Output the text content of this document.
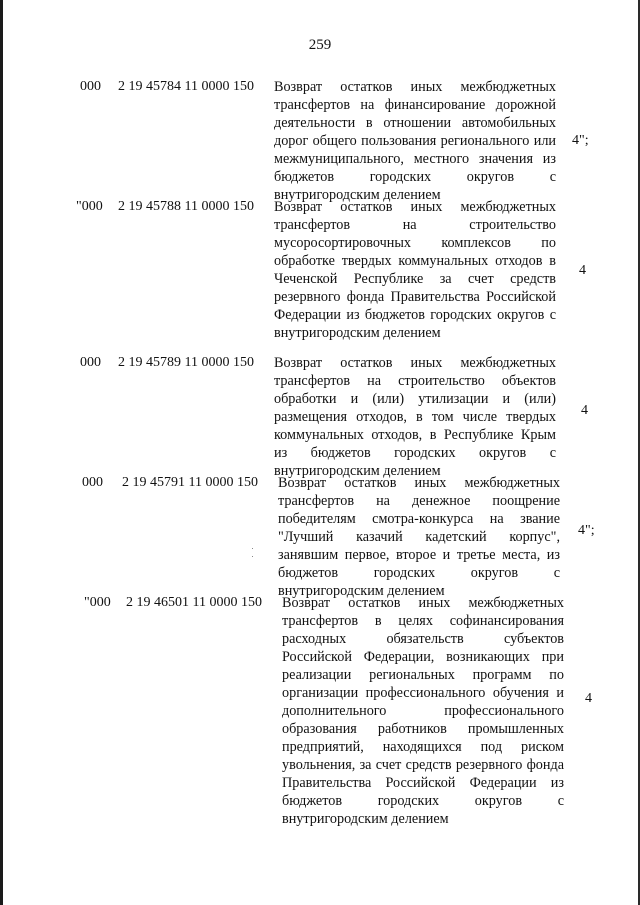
259
000 2 19 45784 11 0000 150 Возврат остатков иных межбюджетных трансфертов на финансирование дорожной деятельности в отношении автомобильных дорог общего пользования регионального или межмуниципального, местного значения из бюджетов городских округов с внутригородским делением
4";
"000 2 19 45788 11 0000 150 Возврат остатков иных межбюджетных трансфертов на строительство мусоросортировочных комплексов по обработке твердых коммунальных отходов в Чеченской Республике за счет средств резервного фонда Правительства Российской Федерации из бюджетов городских округов с внутригородским делением
4
000 2 19 45789 11 0000 150 Возврат остатков иных межбюджетных трансфертов на строительство объектов обработки и (или) утилизации и (или) размещения отходов, в том числе твердых коммунальных отходов, в Республике Крым из бюджетов городских округов с внутригородским делением
4
000 2 19 45791 11 0000 150 Возврат остатков иных межбюджетных трансфертов на денежное поощрение победителям смотра-конкурса на звание "Лучший казачий кадетский корпус", занявшим первое, второе и третье места, из бюджетов городских округов с внутригородским делением
4";
"000 2 19 46501 11 0000 150 Возврат остатков иных межбюджетных трансфертов в целях софинансирования расходных обязательств субъектов Российской Федерации, возникающих при реализации региональных программ по организации профессионального обучения и дополнительного профессионального образования работников промышленных предприятий, находящихся под риском увольнения, за счет средств резервного фонда Правительства Российской Федерации из бюджетов городских округов с внутригородским делением
4
